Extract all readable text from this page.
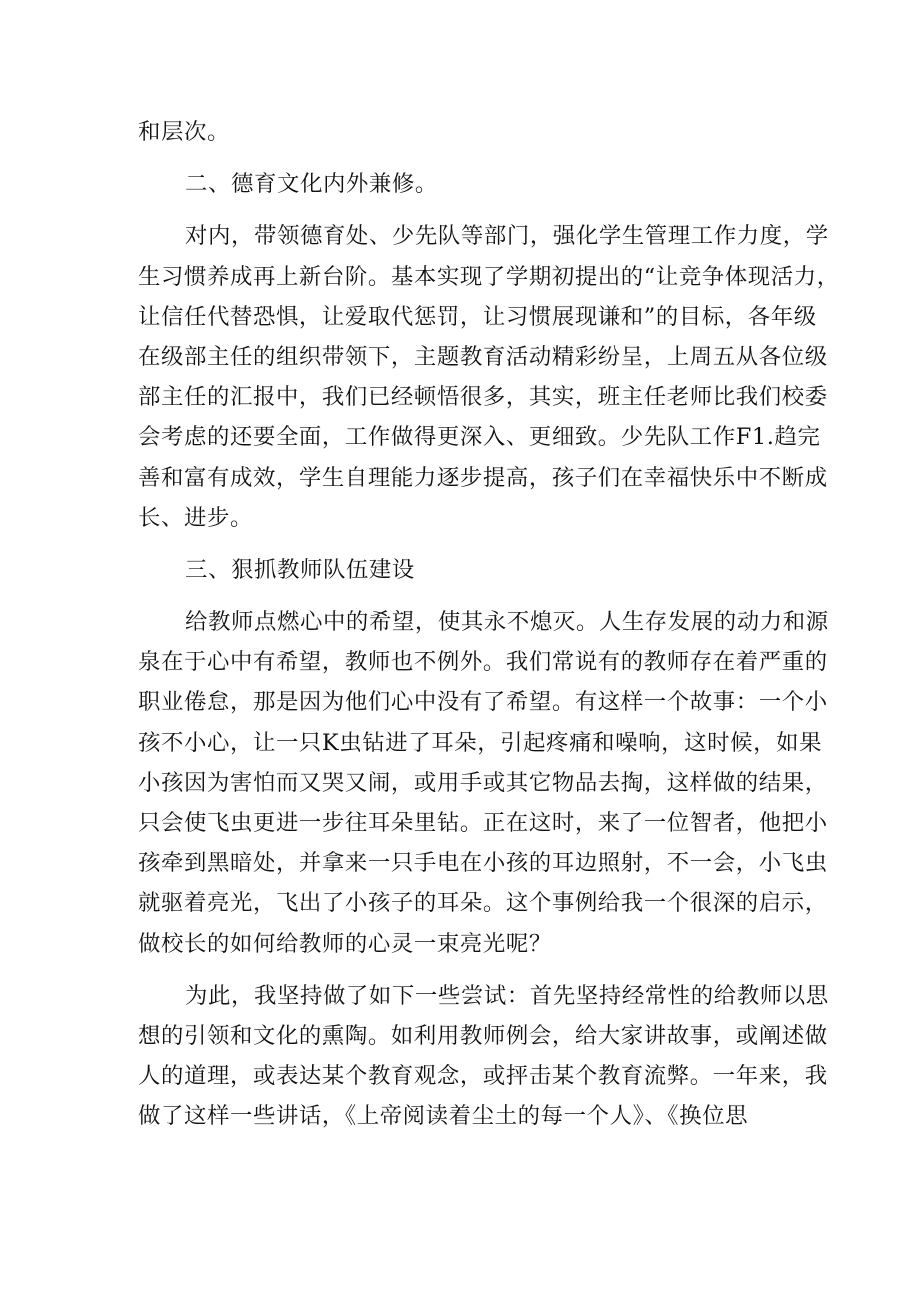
和层次。
二、德育文化内外兼修。
对内，带领德育处、少先队等部门，强化学生管理工作力度，学
生习惯养成再上新台阶。基本实现了学期初提出的“让竞争体现活力，
让信任代替恐惧，让爱取代惩罚，让习惯展现谦和”的目标，各年级
在级部主任的组织带领下，主题教育活动精彩纷呈，上周五从各位级
部主任的汇报中，我们已经顿悟很多，其实，班主任老师比我们校委
会考虑的还要全面，工作做得更深入、更细致。少先队工作F1.趋完
善和富有成效，学生自理能力逐步提高，孩子们在幸福快乐中不断成
长、进步。
三、狠抓教师队伍建设
给教师点燃心中的希望，使其永不熄灭。人生存发展的动力和源
泉在于心中有希望，教师也不例外。我们常说有的教师存在着严重的
职业倦怠，那是因为他们心中没有了希望。有这样一个故事：一个小
孩不小心，让一只K虫钻进了耳朵，引起疼痛和噪响，这时候，如果
小孩因为害怕而又哭又闹，或用手或其它物品去掏，这样做的结果，
只会使飞虫更进一步往耳朵里钻。正在这时，来了一位智者，他把小
孩牵到黑暗处，并拿来一只手电在小孩的耳边照射，不一会，小飞虫
就驱着亮光，飞出了小孩子的耳朵。这个事例给我一个很深的启示，
做校长的如何给教师的心灵一束亮光呢？
为此，我坚持做了如下一些尝试：首先坚持经常性的给教师以思
想的引领和文化的熏陶。如利用教师例会，给大家讲故事，或阐述做
人的道理，或表达某个教育观念，或抨击某个教育流弊。一年来，我
做了这样一些讲话，《上帝阅读着尘土的每一个人》、《换位思
